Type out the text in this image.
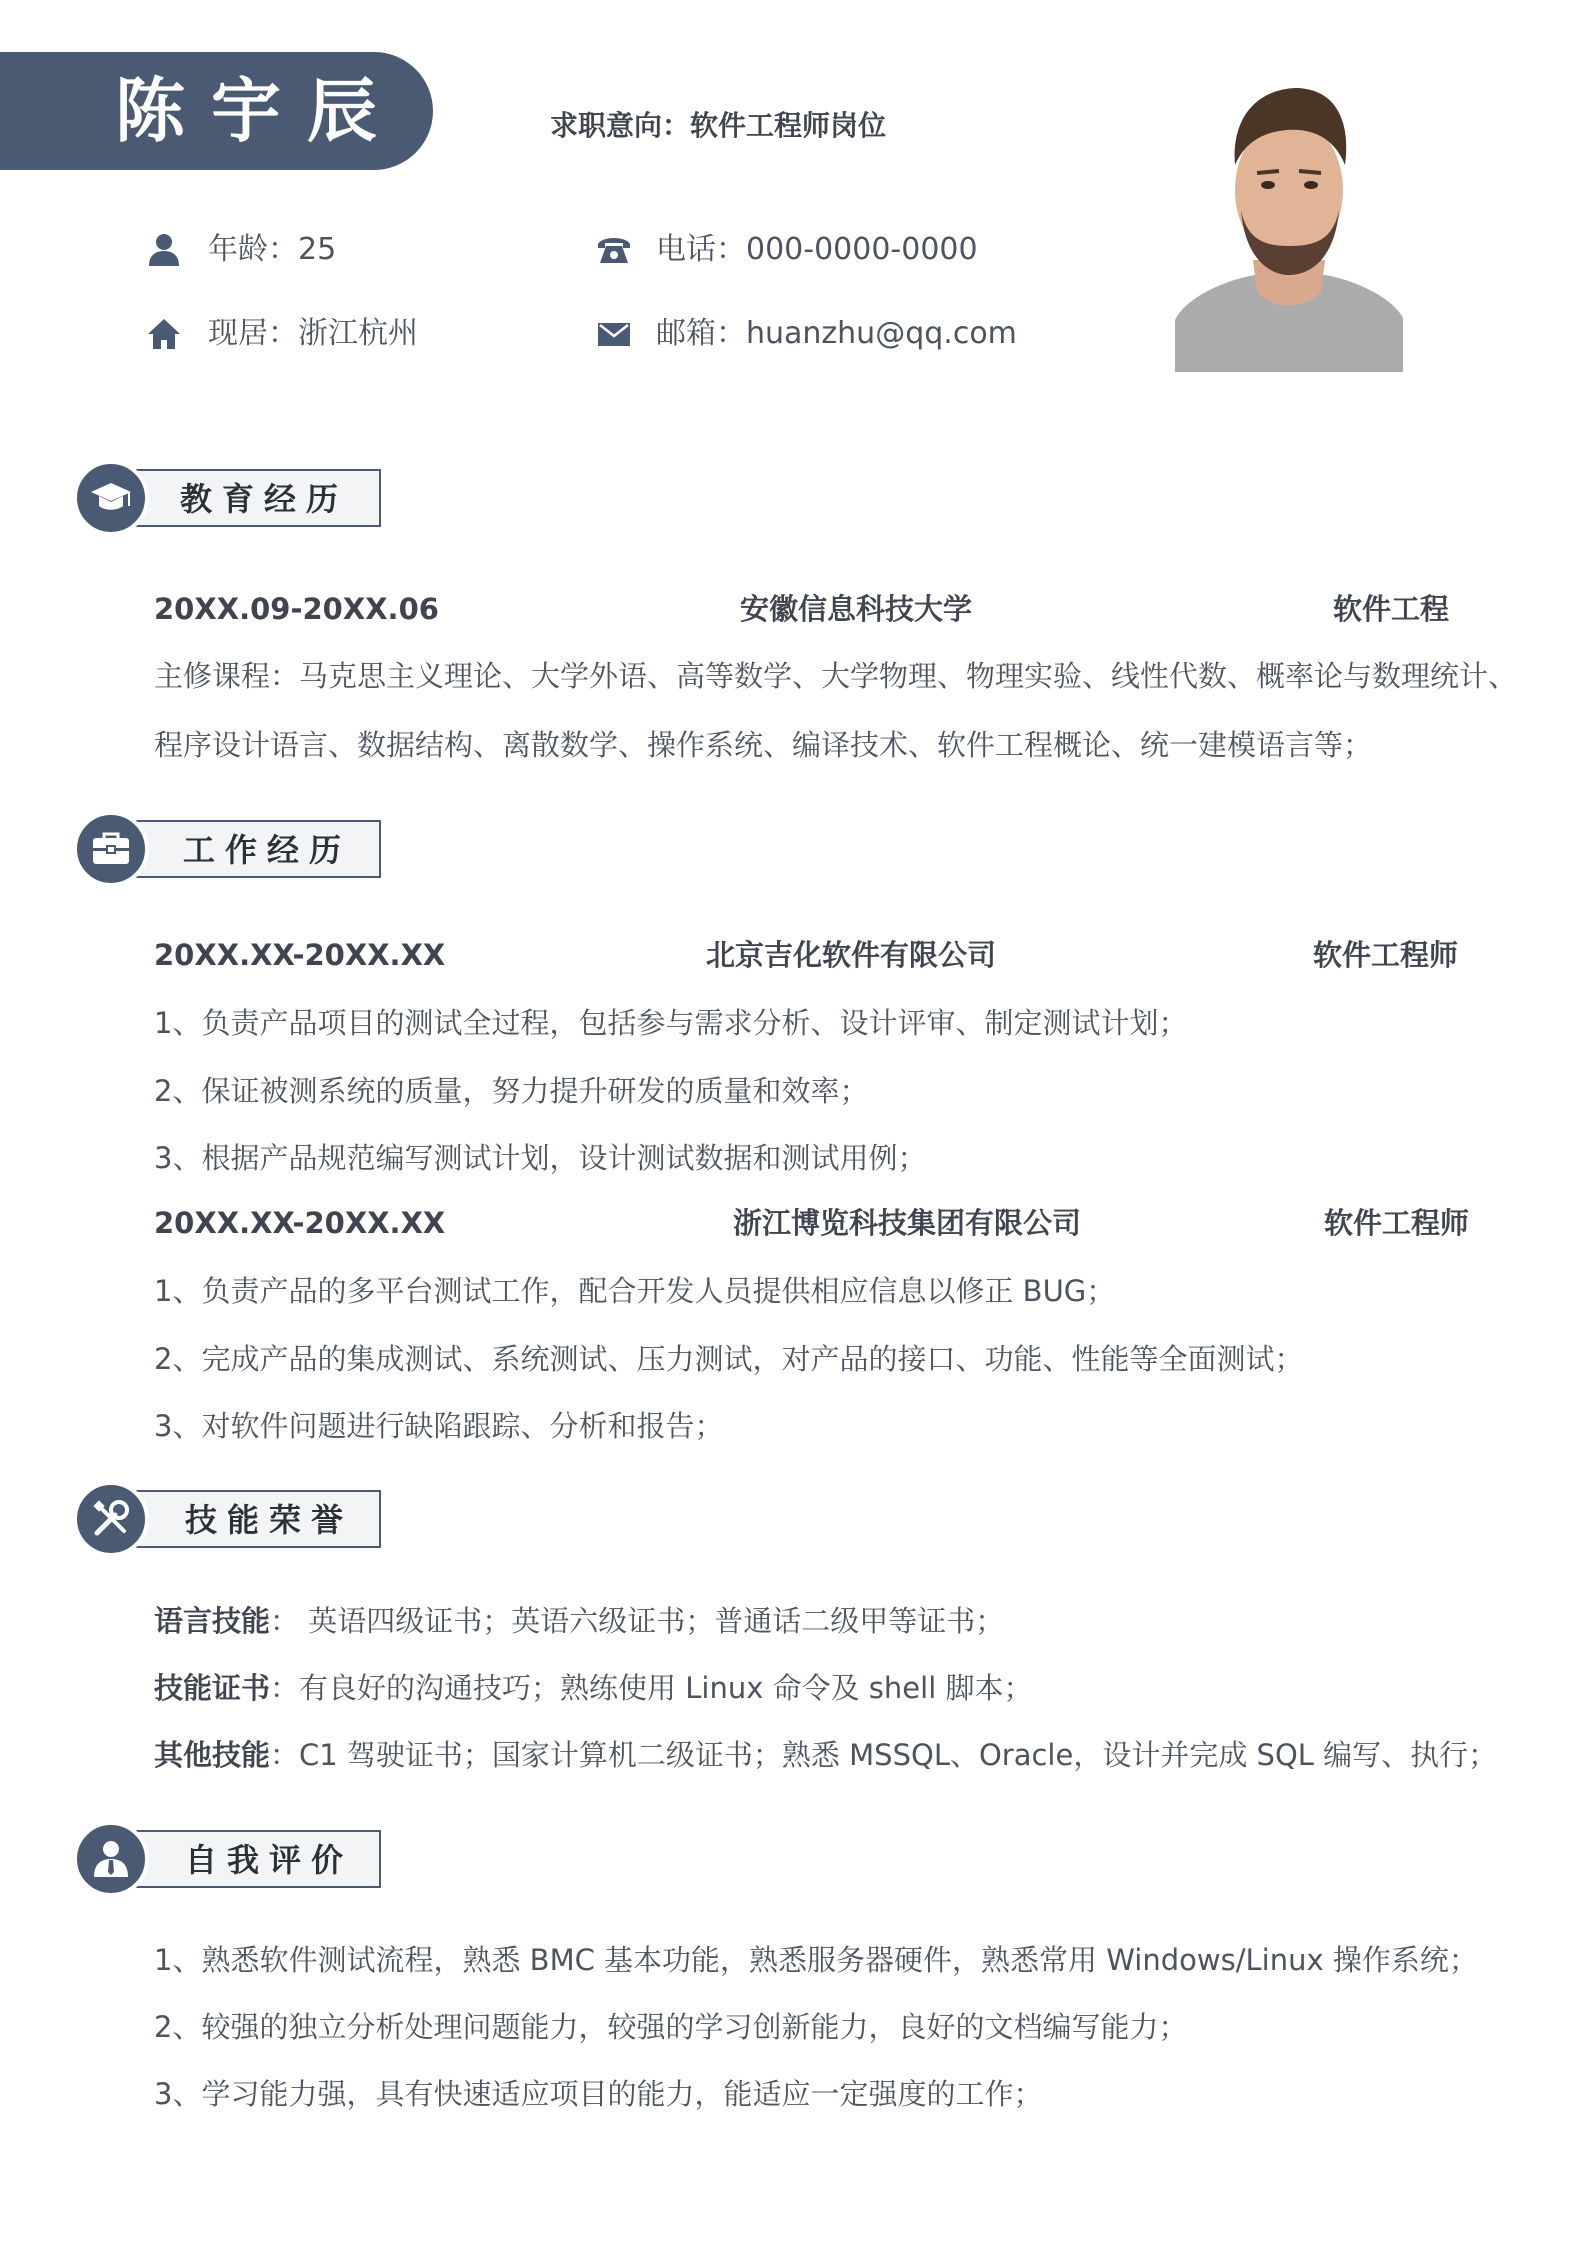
陈宇辰	求职意向：软件工程师岗位
年龄：25	电话：000-0000-0000
现居：浙江杭州	邮箱：huanzhu@qq.com
教育经历
20XX.09-20XX.06	安徽信息科技大学	软件工程
主修课程：马克思主义理论、大学外语、高等数学、大学物理、物理实验、线性代数、概率论与数理统计、
程序设计语言、数据结构、离散数学、操作系统、编译技术、软件工程概论、统一建模语言等；
工作经历
20XX.XX-20XX.XX	北京吉化软件有限公司	软件工程师
1、负责产品项目的测试全过程，包括参与需求分析、设计评审、制定测试计划；
2、保证被测系统的质量，努力提升研发的质量和效率；
3、根据产品规范编写测试计划，设计测试数据和测试用例；
20XX.XX-20XX.XX	浙江博览科技集团有限公司	软件工程师
1、负责产品的多平台测试工作，配合开发人员提供相应信息以修正 BUG；
2、完成产品的集成测试、系统测试、压力测试，对产品的接口、功能、性能等全面测试；
3、对软件问题进行缺陷跟踪、分析和报告；
技能荣誉
语言技能： 英语四级证书；英语六级证书；普通话二级甲等证书；
技能证书：有良好的沟通技巧；熟练使用 Linux 命令及 shell 脚本；
其他技能：C1 驾驶证书；国家计算机二级证书；熟悉 MSSQL、Oracle，设计并完成 SQL 编写、执行；
自我评价
1、熟悉软件测试流程，熟悉 BMC 基本功能，熟悉服务器硬件，熟悉常用 Windows/Linux 操作系统；
2、较强的独立分析处理问题能力，较强的学习创新能力，良好的文档编写能力；
3、学习能力强，具有快速适应项目的能力，能适应一定强度的工作；
